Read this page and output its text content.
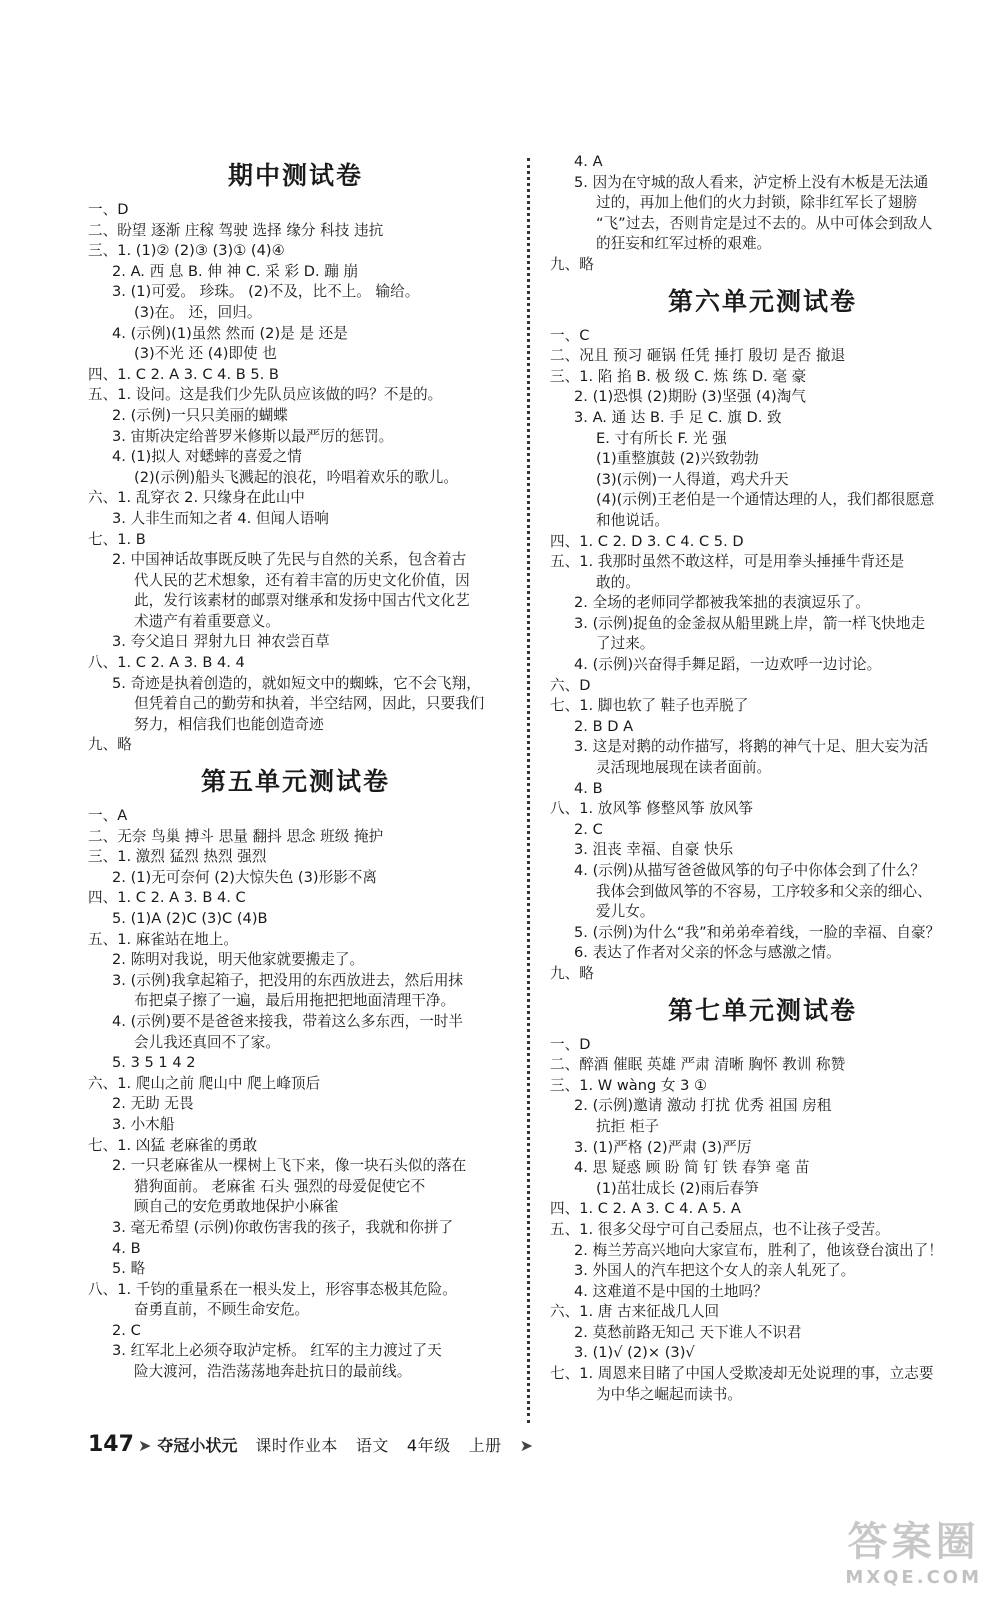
期中测试卷
一、D
二、盼望 逐渐 庄稼 驾驶 选择 缘分 科技 违抗
三、1. (1)② (2)③ (3)① (4)④
2. A. 西 息 B. 伸 神 C. 采 彩 D. 蹦 崩
3. (1)可爱。 珍珠。 (2)不及，比不上。 输给。
(3)在。 还，回归。
4. (示例)(1)虽然 然而 (2)是 是 还是
(3)不光 还 (4)即使 也
四、1. C 2. A 3. C 4. B 5. B
五、1. 设问。这是我们少先队员应该做的吗？不是的。
2. (示例)一只只美丽的蝴蝶
3. 宙斯决定给普罗米修斯以最严厉的惩罚。
4. (1)拟人 对蟋蟀的喜爱之情
(2)(示例)船头飞溅起的浪花，吟唱着欢乐的歌儿。
六、1. 乱穿衣 2. 只缘身在此山中
3. 人非生而知之者 4. 但闻人语响
七、1. B
2. 中国神话故事既反映了先民与自然的关系，包含着古
代人民的艺术想象，还有着丰富的历史文化价值，因
此，发行该素材的邮票对继承和发扬中国古代文化艺
术遗产有着重要意义。
3. 夸父追日 羿射九日 神农尝百草
八、1. C 2. A 3. B 4. 4
5. 奇迹是执着创造的，就如短文中的蜘蛛，它不会飞翔，
但凭着自己的勤劳和执着，半空结网，因此，只要我们
努力，相信我们也能创造奇迹
九、略
第五单元测试卷
一、A
二、无奈 鸟巢 搏斗 思量 翻抖 思念 班级 掩护
三、1. 激烈 猛烈 热烈 强烈
2. (1)无可奈何 (2)大惊失色 (3)形影不离
四、1. C 2. A 3. B 4. C
5. (1)A (2)C (3)C (4)B
五、1. 麻雀站在地上。
2. 陈明对我说，明天他家就要搬走了。
3. (示例)我拿起箱子，把没用的东西放进去，然后用抹
布把桌子擦了一遍，最后用拖把把地面清理干净。
4. (示例)要不是爸爸来接我，带着这么多东西，一时半
会儿我还真回不了家。
5. 3 5 1 4 2
六、1. 爬山之前 爬山中 爬上峰顶后
2. 无助 无畏
3. 小木船
七、1. 凶猛 老麻雀的勇敢
2. 一只老麻雀从一棵树上飞下来，像一块石头似的落在
猎狗面前。 老麻雀 石头 强烈的母爱促使它不
顾自己的安危勇敢地保护小麻雀
3. 毫无希望 (示例)你敢伤害我的孩子，我就和你拼了
4. B
5. 略
八、1. 千钧的重量系在一根头发上，形容事态极其危险。
奋勇直前，不顾生命安危。
2. C
3. 红军北上必须夺取泸定桥。 红军的主力渡过了天
险大渡河，浩浩荡荡地奔赴抗日的最前线。
4. A
5. 因为在守城的敌人看来，泸定桥上没有木板是无法通
过的，再加上他们的火力封锁，除非红军长了翅膀
“飞”过去，否则肯定是过不去的。从中可体会到敌人
的狂妄和红军过桥的艰难。
九、略
第六单元测试卷
一、C
二、况且 预习 砸锅 任凭 捶打 殷切 是否 撤退
三、1. 陷 掐 B. 极 级 C. 炼 练 D. 毫 豪
2. (1)恐惧 (2)期盼 (3)坚强 (4)淘气
3. A. 通 达 B. 手 足 C. 旗 D. 致
E. 寸有所长 F. 光 强
(1)重整旗鼓 (2)兴致勃勃
(3)(示例)一人得道，鸡犬升天
(4)(示例)王老伯是一个通情达理的人，我们都很愿意
和他说话。
四、1. C 2. D 3. C 4. C 5. D
五、1. 我那时虽然不敢这样，可是用拳头捶捶牛背还是
敢的。
2. 全场的老师同学都被我笨拙的表演逗乐了。
3. (示例)捉鱼的金釜叔从船里跳上岸，箭一样飞快地走
了过来。
4. (示例)兴奋得手舞足蹈，一边欢呼一边讨论。
六、D
七、1. 脚也软了 鞋子也弄脱了
2. B D A
3. 这是对鹅的动作描写，将鹅的神气十足、胆大妄为活
灵活现地展现在读者面前。
4. B
八、1. 放风筝 修整风筝 放风筝
2. C
3. 沮丧 幸福、自豪 快乐
4. (示例)从描写爸爸做风筝的句子中你体会到了什么？
我体会到做风筝的不容易，工序较多和父亲的细心、
爱儿女。
5. (示例)为什么“我”和弟弟牵着线，一脸的幸福、自豪？
6. 表达了作者对父亲的怀念与感激之情。
九、略
第七单元测试卷
一、D
二、醉酒 催眠 英雄 严肃 清晰 胸怀 教训 称赞
三、1. W wàng 女 3 ①
2. (示例)邀请 激动 打扰 优秀 祖国 房租
抗拒 柜子
3. (1)严格 (2)严肃 (3)严厉
4. 思 疑惑 顾 盼 简 钉 铁 春笋 毫 苗
(1)茁壮成长 (2)雨后春笋
四、1. C 2. A 3. C 4. A 5. A
五、1. 很多父母宁可自己委屈点，也不让孩子受苦。
2. 梅兰芳高兴地向大家宣布，胜利了，他该登台演出了！
3. 外国人的汽车把这个女人的亲人轧死了。
4. 这难道不是中国的土地吗？
六、1. 唐 古来征战几人回
2. 莫愁前路无知己 天下谁人不识君
3. (1)√ (2)× (3)√
七、1. 周恩来目睹了中国人受欺凌却无处说理的事，立志要
为中华之崛起而读书。
147 ➤ 夺冠小状元 课时作业本 语文 4年级 上册 ➤
答案圈
MXQE.COM
